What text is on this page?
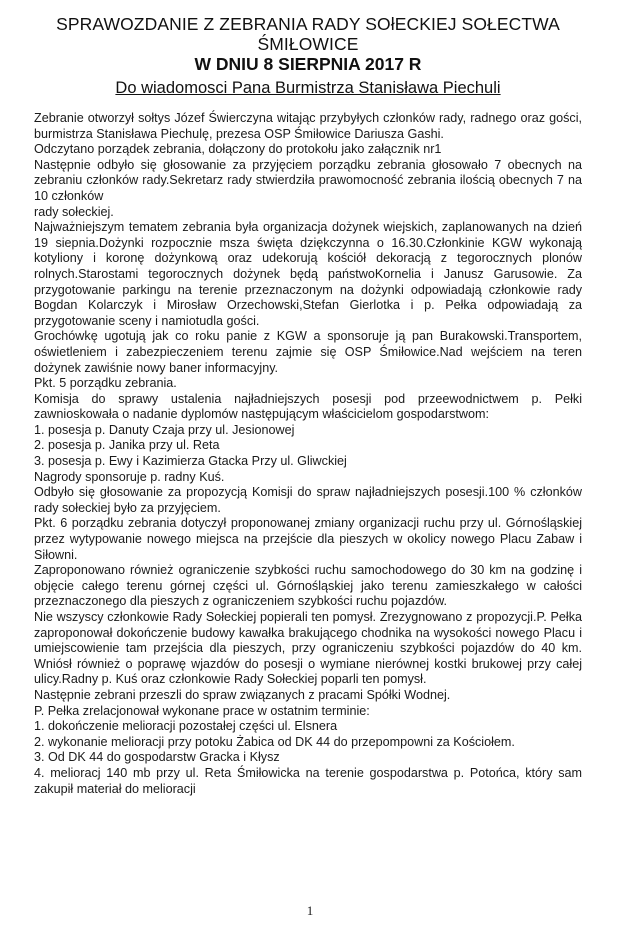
SPRAWOZDANIE Z ZEBRANIA RADY SOłECKIEJ SOŁECTWA
ŚMIŁOWICE
W DNIU 8 SIERPNIA 2017 R
Do wiadomosci Pana Burmistrza Stanisława Piechuli

Zebranie otworzył sołtys Józef Świerczyna witając przybyłych członków rady, radnego oraz gości, burmistrza Stanisława Piechulę, prezesa OSP Śmiłowice Dariusza Gashi.

Odczytano porządek zebrania, dołączony do protokołu jako załącznik nr1

Następnie odbyło się głosowanie za przyjęciem porządku zebrania głosowało 7 obecnych na zebraniu członków rady.Sekretarz rady stwierdziła prawomocność zebrania ilością obecnych 7 na 10 członków

rady sołeckiej.

Najważniejszym tematem zebrania była organizacja dożynek wiejskich, zaplanowanych na dzień 19 siepnia.Dożynki rozpocznie msza święta dziękczynna o 16.30.Członkinie KGW wykonają kotyliony i koronę dożynkową oraz udekorują kościół dekoracją z tegorocznych plonów rolnych.Starostami tegorocznych dożynek będą państwoKornelia i Janusz Garusowie. Za przygotowanie parkingu na terenie przeznaczonym na dożynki odpowiadają członkowie rady Bogdan Kolarczyk i Mirosław Orzechowski,Stefan Gierlotka i p. Pełka odpowiadają za przygotowanie sceny i namiotudla gości.

Grochówkę ugotują jak co roku panie z KGW a sponsoruje ją pan Burakowski.Transportem, oświetleniem i zabezpieczeniem terenu zajmie się OSP Śmiłowice.Nad wejściem na teren dożynek zawiśnie nowy baner informacyjny.

Pkt. 5 porządku zebrania.

Komisja do sprawy ustalenia najładniejszych posesji pod przeewodnictwem p. Pełki zawnioskowała o nadanie dyplomów następującym właścicielom gospodarstwom:

1. posesja p. Danuty Czaja przy ul. Jesionowej
2. posesja p. Janika przy ul. Reta
3. posesja p. Ewy i Kazimierza Gtacka Przy ul. Gliwckiej

Nagrody sponsoruje p. radny Kuś.

Odbyło się głosowanie za propozycją Komisji do spraw najładniejszych posesji.100 % członków rady sołeckiej było za przyjęciem.

Pkt. 6 porządku zebrania dotyczył proponowanej zmiany organizacji ruchu przy ul. Górnośląskiej przez wytypowanie nowego miejsca na przejście dla pieszych w okolicy nowego Placu Zabaw i Siłowni.

Zaproponowano również ograniczenie szybkości ruchu samochodowego do 30 km na godzinę i objęcie całego terenu górnej części ul. Górnośląskiej jako terenu zamieszkałego w całości przeznaczonego dla pieszych z ograniczeniem szybkości ruchu pojazdów.

Nie wszyscy członkowie Rady Sołeckiej popierali ten pomysł. Zrezygnowano z propozycji.P. Pełka zaproponował dokończenie budowy kawałka brakującego chodnika na wysokości nowego Placu i umiejscowienie tam przejścia dla pieszych, przy ograniczeniu szybkości pojazdów do 40 km. Wniósł również o poprawę wjazdów do posesji o wymiane nierównej kostki brukowej przy całej ulicy.Radny p. Kuś oraz członkowie Rady Sołeckiej poparli ten pomysł.

Następnie zebrani przeszli do spraw związanych z pracami Spółki Wodnej.

P. Pełka zrelacjonował wykonane prace w ostatnim terminie:

1. dokończenie melioracji pozostałej części ul. Elsnera
2. wykonanie melioracji przy potoku Żabica od DK 44 do przepompowni za Kościołem.
3. Od DK 44 do gospodarstw Gracka i Kłysz
4. melioracj 140 mb przy ul. Reta Śmiłowicka na terenie gospodarstwa p. Potońca, który sam zakupił materiał do melioracji
1
